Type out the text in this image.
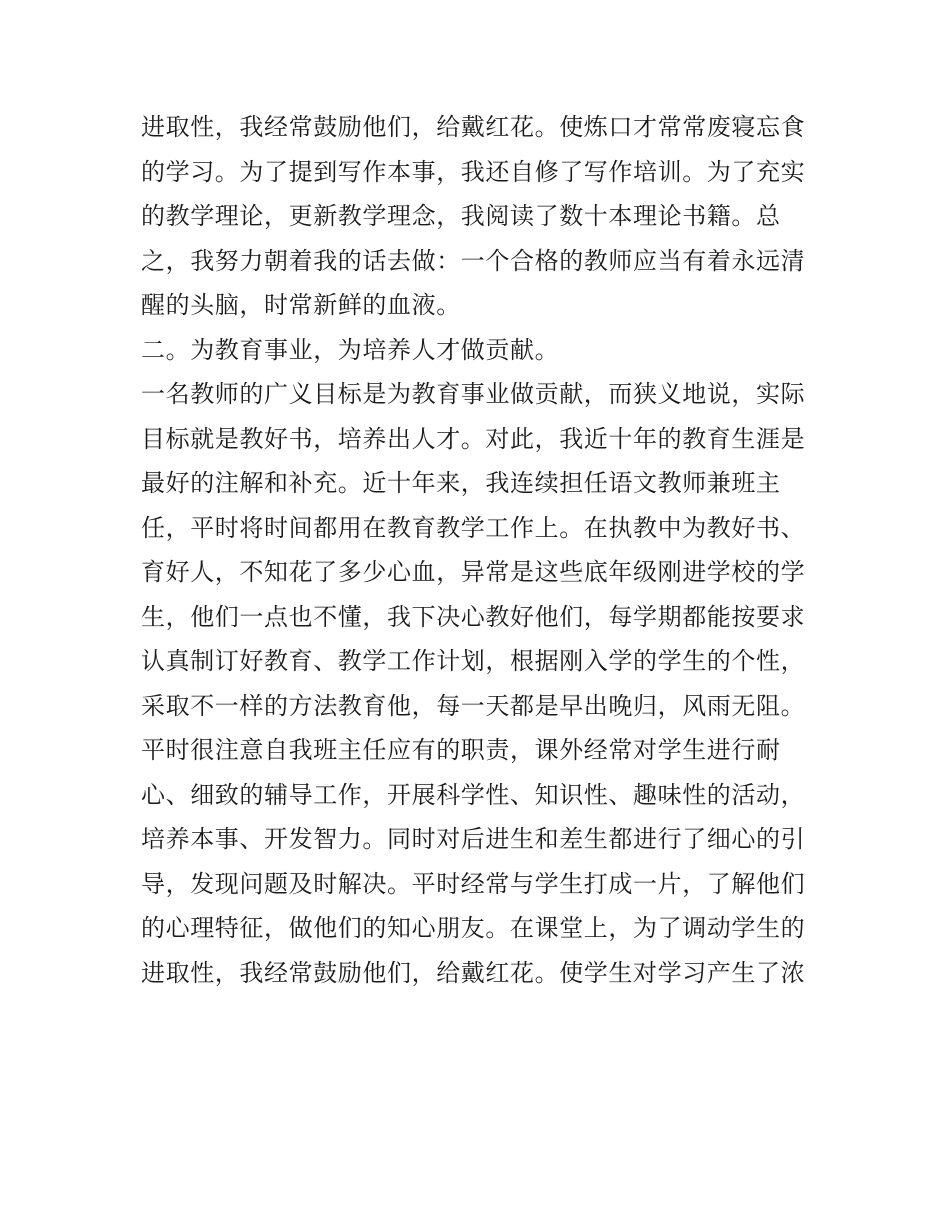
进取性，我经常鼓励他们，给戴红花。使炼口才常常废寝忘食
的学习。为了提到写作本事，我还自修了写作培训。为了充实
的教学理论，更新教学理念，我阅读了数十本理论书籍。总
之，我努力朝着我的话去做：一个合格的教师应当有着永远清
醒的头脑，时常新鲜的血液。
二。为教育事业，为培养人才做贡献。
一名教师的广义目标是为教育事业做贡献，而狭义地说，实际
目标就是教好书，培养出人才。对此，我近十年的教育生涯是
最好的注解和补充。近十年来，我连续担任语文教师兼班主
任，平时将时间都用在教育教学工作上。在执教中为教好书、
育好人，不知花了多少心血，异常是这些底年级刚进学校的学
生，他们一点也不懂，我下决心教好他们，每学期都能按要求
认真制订好教育、教学工作计划，根据刚入学的学生的个性，
采取不一样的方法教育他，每一天都是早出晚归，风雨无阻。
平时很注意自我班主任应有的职责，课外经常对学生进行耐
心、细致的辅导工作，开展科学性、知识性、趣味性的活动，
培养本事、开发智力。同时对后进生和差生都进行了细心的引
导，发现问题及时解决。平时经常与学生打成一片，了解他们
的心理特征，做他们的知心朋友。在课堂上，为了调动学生的
进取性，我经常鼓励他们，给戴红花。使学生对学习产生了浓
